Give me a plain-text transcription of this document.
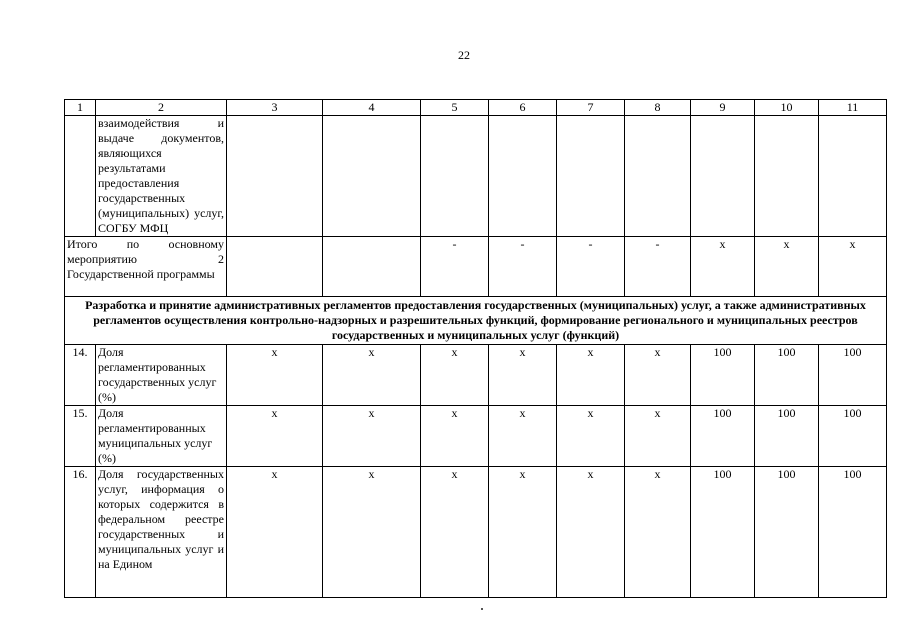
22
1	2	3	4	5	6	7	8	9	10	11
	взаимодействия и выдаче документов, являющихся результатами предоставления государственных (муниципальных) услуг, СОГБУ МФЦ									
Итого по основному мероприятию 2 Государственной программы				-	-	-	-	x	x	x
Разработка и принятие административных регламентов предоставления государственных (муниципальных) услуг, а также административных регламентов осуществления контрольно-надзорных и разрешительных функций, формирование регионального и муниципальных реестров государственных и муниципальных услуг (функций)										
14.	Доля регламентированных государственных услуг (%)	x	x	x	x	x	x	100	100	100
15.	Доля регламентированных муниципальных услуг (%)	x	x	x	x	x	x	100	100	100
16.	Доля государственных услуг, информация о которых содержится в федеральном реестре государственных и муниципальных услуг и на Едином	x	x	x	x	x	x	100	100	100
